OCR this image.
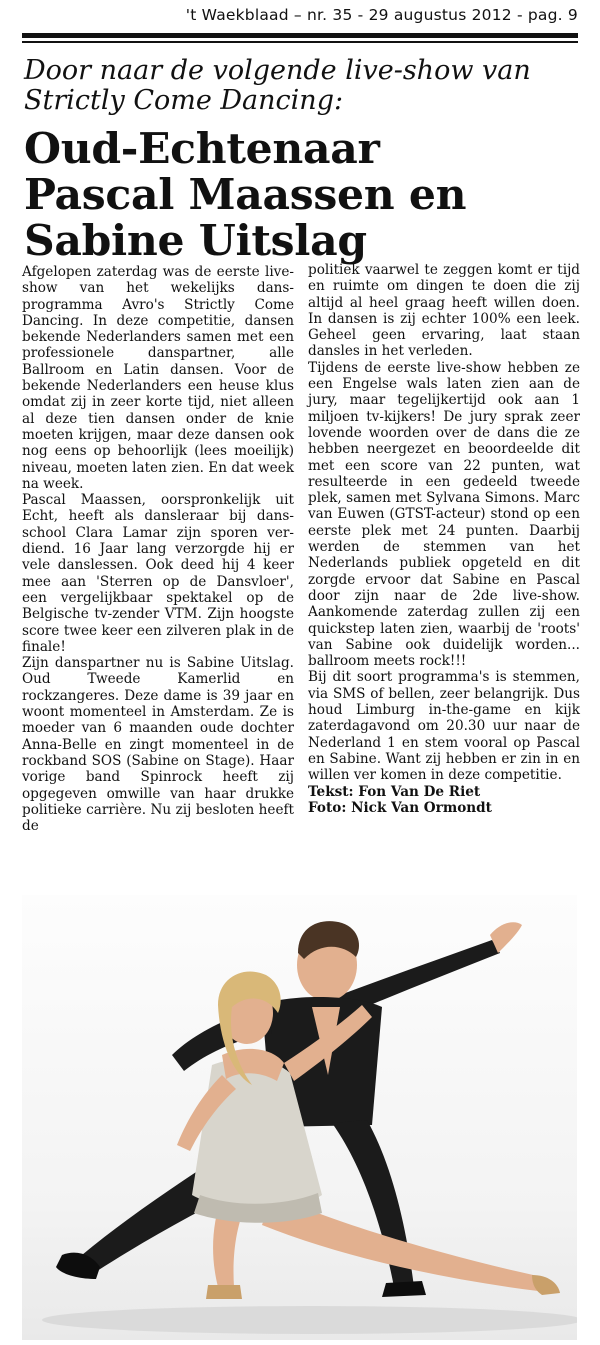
't Waekblaad – nr. 35 - 29 augustus 2012 - pag. 9
Door naar de volgende live-show van
Strictly Come Dancing:
Oud-Echtenaar
Pascal Maassen en
Sabine Uitslag

Afgelopen zaterdag was de eerste live-show van het wekelijks dansprogramma Avro's Strictly Come Dancing. In deze competitie, dansen bekende Nederlanders samen met een professionele danspartner, alle Ballroom en Latin dansen. Voor de bekende Nederlanders een heuse klus omdat zij in zeer korte tijd, niet alleen al deze tien dansen onder de knie moeten krijgen, maar deze dansen ook nog eens op behoorlijk (lees moeilijk) niveau, moeten laten zien. En dat week na week.

Pascal Maassen, oorspronkelijk uit Echt, heeft als dansleraar bij dansschool Clara Lamar zijn sporen verdiend. 16 Jaar lang verzorgde hij er vele danslessen. Ook deed hij 4 keer mee aan 'Sterren op de Dansvloer', een vergelijkbaar spektakel op de Belgische tv-zender VTM. Zijn hoogste score twee keer een zilveren plak in de finale!

Zijn danspartner nu is Sabine Uitslag. Oud Tweede Kamerlid en rockzangeres. Deze dame is 39 jaar en woont momenteel in Amsterdam. Ze is moeder van 6 maanden oude dochter Anna-Belle en zingt momenteel in de rockband SOS (Sabine on Stage). Haar vorige band Spinrock heeft zij opgegeven omwille van haar drukke politieke carrière. Nu zij besloten heeft de

politiek vaarwel te zeggen komt er tijd en ruimte om dingen te doen die zij altijd al heel graag heeft willen doen. In dansen is zij echter 100% een leek. Geheel geen ervaring, laat staan dansles in het verleden.

Tijdens de eerste live-show hebben ze een Engelse wals laten zien aan de jury, maar tegelijkertijd ook aan 1 miljoen tv-kijkers! De jury sprak zeer lovende woorden over de dans die ze hebben neergezet en beoordeelde dit met een score van 22 punten, wat resulteerde in een gedeeld tweede plek, samen met Sylvana Simons. Marc van Euwen (GTST-acteur) stond op een eerste plek met 24 punten. Daarbij werden de stemmen van het Nederlands publiek opgeteld en dit zorgde ervoor dat Sabine en Pascal door zijn naar de 2de live-show. Aankomende zaterdag zullen zij een quickstep laten zien, waarbij de 'roots' van Sabine ook duidelijk worden... ballroom meets rock!!!

Bij dit soort programma's is stemmen, via SMS of bellen, zeer belangrijk. Dus houd Limburg in-the-game en kijk zaterdagavond om 20.30 uur naar de Nederland 1 en stem vooral op Pascal en Sabine. Want zij hebben er zin in en willen ver komen in deze competitie.

Tekst: Fon Van De Riet

Foto: Nick Van Ormondt
